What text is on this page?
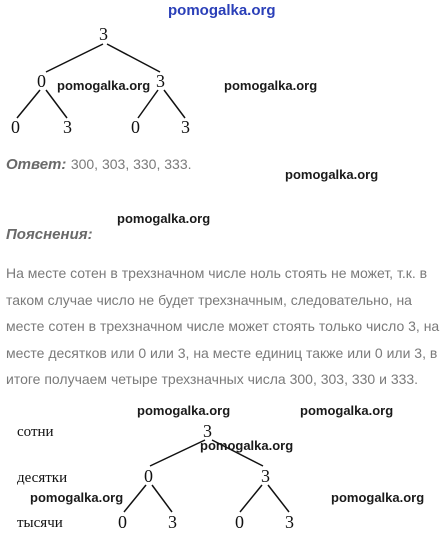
pomogalka.org
3
0	3
0 3	0 3
pomogalka.org	pomogalka.org
Ответ: 300, 303, 330, 333.
pomogalka.org
pomogalka.org
Пояснения:
На месте сотен в трехзначном числе ноль стоять не может, т.к. в таком случае число не будет трехзначным, следовательно, на месте сотен в трехзначном числе может стоять только число 3, на месте десятков или 0 или 3, на месте единиц также или 0 или 3, в итоге получаем четыре трехзначных числа 300, 303, 330 и 333.
pomogalka.org	pomogalka.org
сотни
десятки
тысячи
3
0	3
0 3	0 3
pomogalka.org
pomogalka.org	pomogalka.org
